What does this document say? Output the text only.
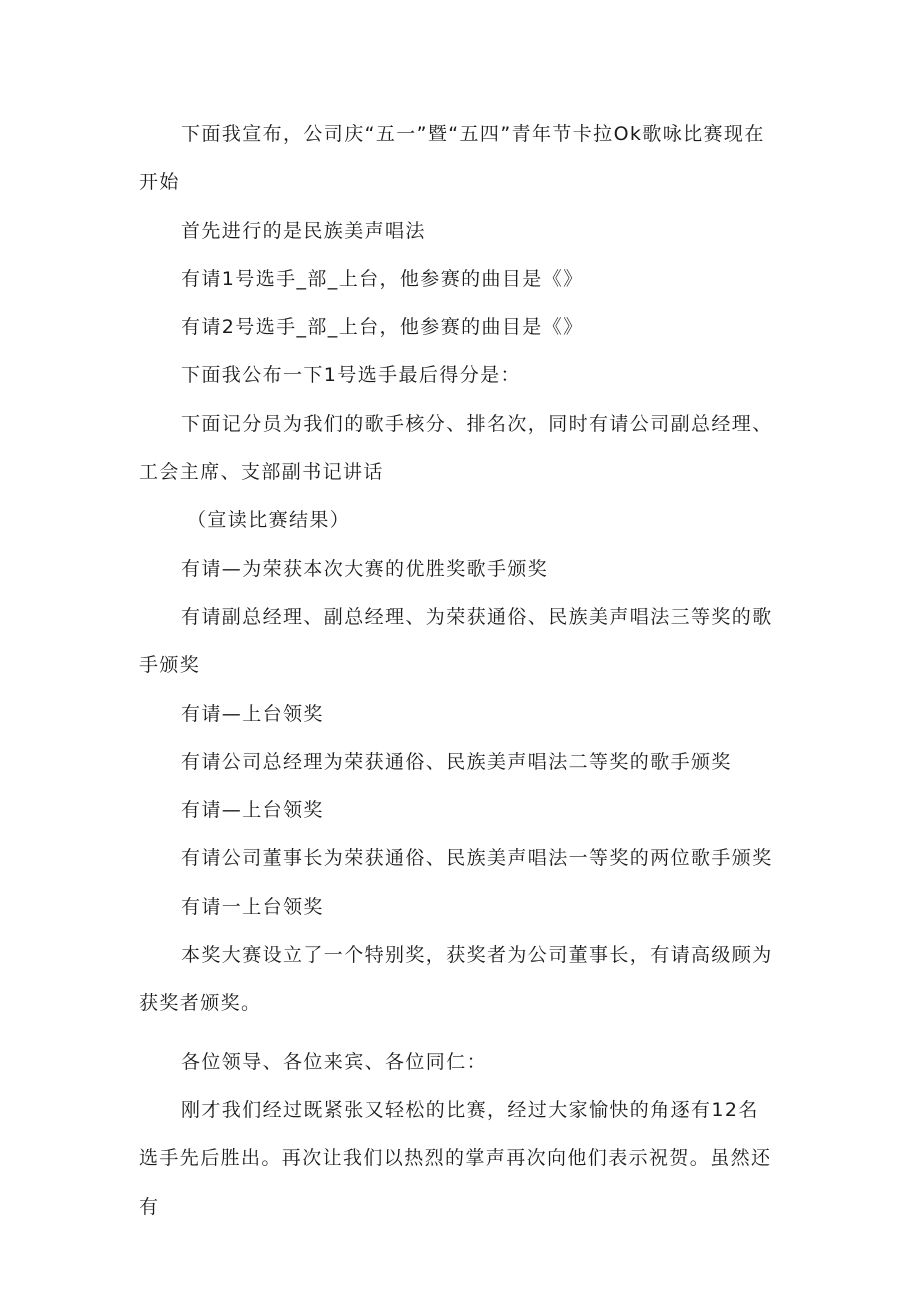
下面我宣布，公司庆“五一”暨“五四”青年节卡拉Ok歌咏比赛现在开始

首先进行的是民族美声唱法

有请1号选手_部_上台，他参赛的曲目是《》

有请2号选手_部_上台，他参赛的曲目是《》

下面我公布一下1号选手最后得分是：

下面记分员为我们的歌手核分、排名次，同时有请公司副总经理、工会主席、支部副书记讲话

（宣读比赛结果）

有请—为荣获本次大赛的优胜奖歌手颁奖

有请副总经理、副总经理、为荣获通俗、民族美声唱法三等奖的歌手颁奖

有请—上台领奖

有请公司总经理为荣获通俗、民族美声唱法二等奖的歌手颁奖

有请—上台领奖

有请公司董事长为荣获通俗、民族美声唱法一等奖的两位歌手颁奖

有请一上台领奖

本奖大赛设立了一个特别奖，获奖者为公司董事长，有请高级顾为获奖者颁奖。

各位领导、各位来宾、各位同仁：

刚才我们经过既紧张又轻松的比赛，经过大家愉快的角逐有12名选手先后胜出。再次让我们以热烈的掌声再次向他们表示祝贺。虽然还有
